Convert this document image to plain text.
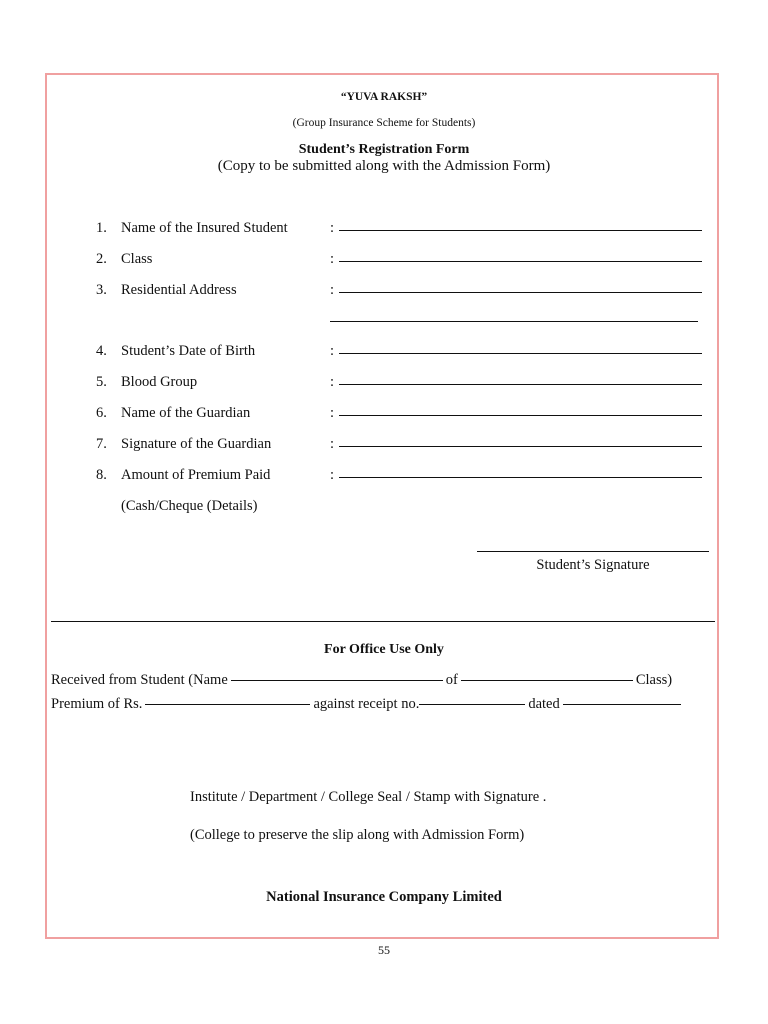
“YUVA RAKSH”
(Group Insurance Scheme for Students)
Student’s Registration Form
(Copy to be submitted along with the Admission Form)
1. Name of the Insured Student	:
2. Class	:
3. Residential Address	:
4. Student’s Date of Birth	:
5. Blood Group	:
6. Name of the Guardian	:
7. Signature of the Guardian	:
8. Amount of Premium Paid	:
(Cash/Cheque (Details)
Student’s Signature
For Office Use Only
Received from Student (Name	of	Class)
Premium of Rs.	against receipt no.	dated
Institute / Department / College Seal / Stamp with Signature .
(College to preserve the slip along with Admission Form)
National Insurance Company Limited
55
